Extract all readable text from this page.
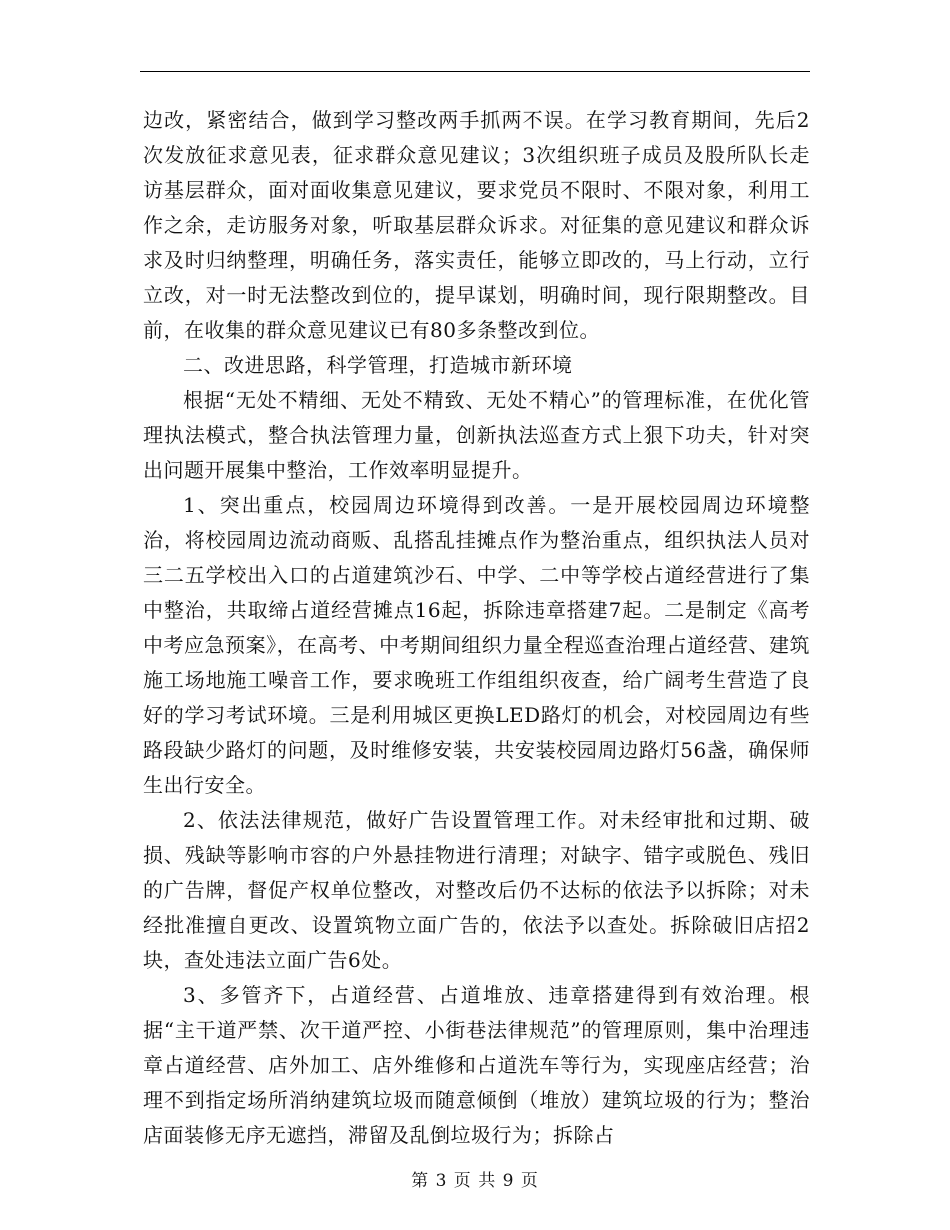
边改，紧密结合，做到学习整改两手抓两不误。在学习教育期间，先后2次发放征求意见表，征求群众意见建议；3次组织班子成员及股所队长走访基层群众，面对面收集意见建议，要求党员不限时、不限对象，利用工作之余，走访服务对象，听取基层群众诉求。对征集的意见建议和群众诉求及时归纳整理，明确任务，落实责任，能够立即改的，马上行动，立行立改，对一时无法整改到位的，提早谋划，明确时间，现行限期整改。目前，在收集的群众意见建议已有80多条整改到位。

二、改进思路，科学管理，打造城市新环境

根据“无处不精细、无处不精致、无处不精心”的管理标准，在优化管理执法模式，整合执法管理力量，创新执法巡查方式上狠下功夫，针对突出问题开展集中整治，工作效率明显提升。

1、突出重点，校园周边环境得到改善。一是开展校园周边环境整治，将校园周边流动商贩、乱搭乱挂摊点作为整治重点，组织执法人员对三二五学校出入口的占道建筑沙石、中学、二中等学校占道经营进行了集中整治，共取缔占道经营摊点16起，拆除违章搭建7起。二是制定《高考中考应急预案》，在高考、中考期间组织力量全程巡查治理占道经营、建筑施工场地施工噪音工作，要求晚班工作组组织夜查，给广阔考生营造了良好的学习考试环境。三是利用城区更换LED路灯的机会，对校园周边有些路段缺少路灯的问题，及时维修安装，共安装校园周边路灯56盏，确保师生出行安全。

2、依法法律规范，做好广告设置管理工作。对未经审批和过期、破损、残缺等影响市容的户外悬挂物进行清理；对缺字、错字或脱色、残旧的广告牌，督促产权单位整改，对整改后仍不达标的依法予以拆除；对未经批准擅自更改、设置筑物立面广告的，依法予以查处。拆除破旧店招2块，查处违法立面广告6处。

3、多管齐下，占道经营、占道堆放、违章搭建得到有效治理。根据“主干道严禁、次干道严控、小街巷法律规范”的管理原则，集中治理违章占道经营、店外加工、店外维修和占道洗车等行为，实现座店经营；治理不到指定场所消纳建筑垃圾而随意倾倒（堆放）建筑垃圾的行为；整治店面装修无序无遮挡，滞留及乱倒垃圾行为；拆除占

第 3 页 共 9 页
